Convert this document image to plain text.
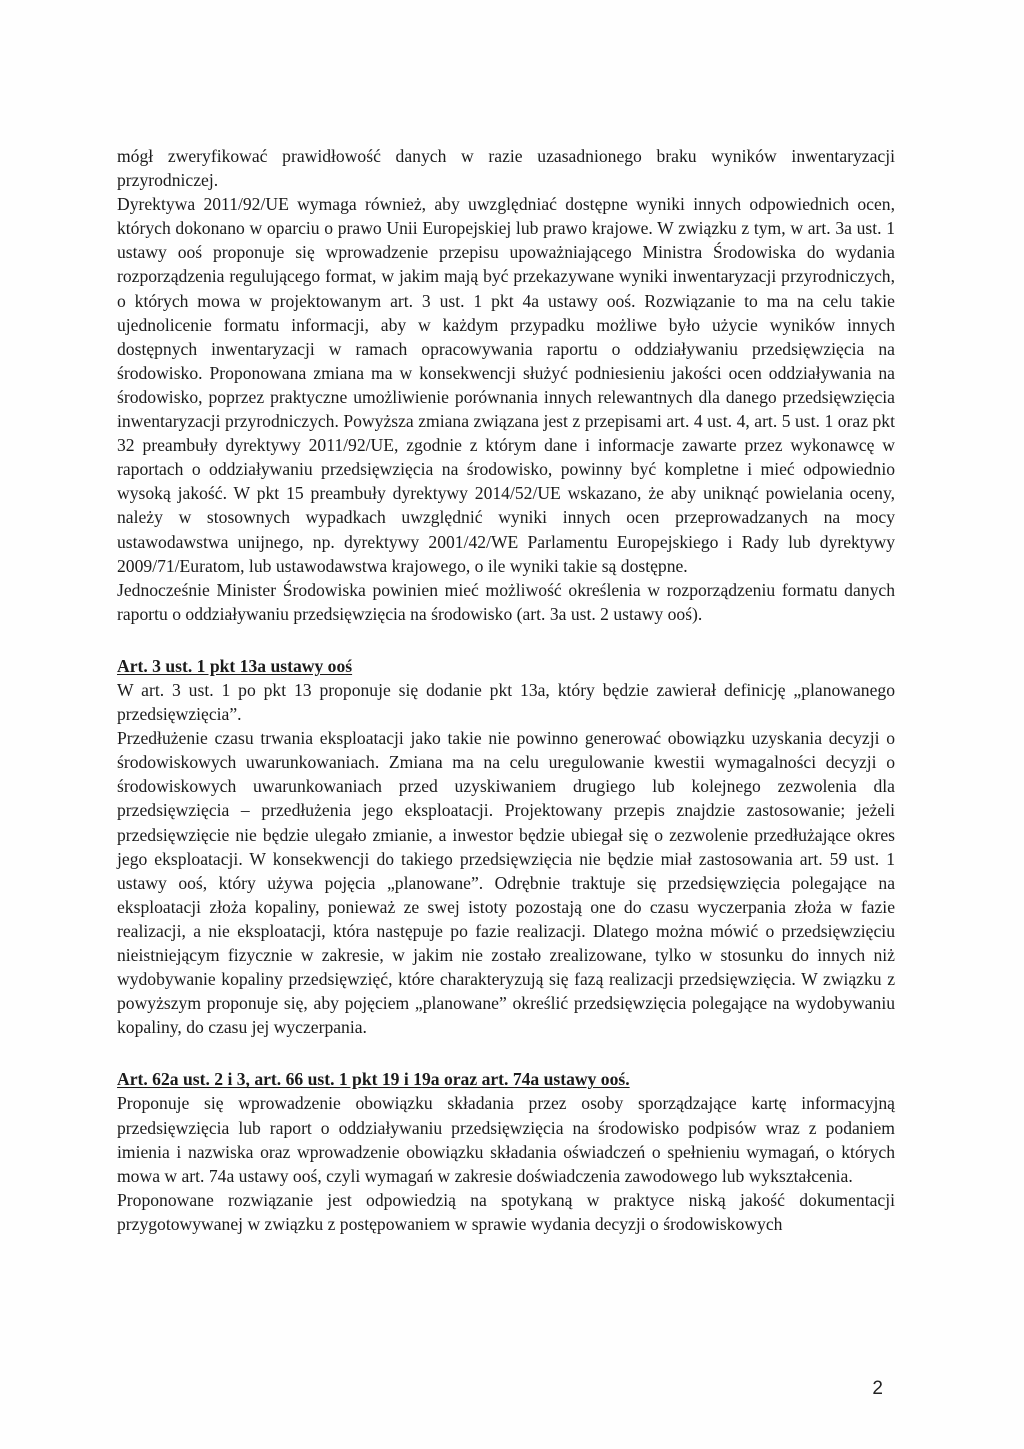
mógł zweryfikować prawidłowość danych w razie uzasadnionego braku wyników inwentaryzacji przyrodniczej.

Dyrektywa 2011/92/UE wymaga również, aby uwzględniać dostępne wyniki innych odpowiednich ocen, których dokonano w oparciu o prawo Unii Europejskiej lub prawo krajowe. W związku z tym, w art. 3a ust. 1 ustawy ooś proponuje się wprowadzenie przepisu upoważniającego Ministra Środowiska do wydania rozporządzenia regulującego format, w jakim mają być przekazywane wyniki inwentaryzacji przyrodniczych, o których mowa w projektowanym art. 3 ust. 1 pkt 4a ustawy ooś. Rozwiązanie to ma na celu takie ujednolicenie formatu informacji, aby w każdym przypadku możliwe było użycie wyników innych dostępnych inwentaryzacji w ramach opracowywania raportu o oddziaływaniu przedsięwzięcia na środowisko. Proponowana zmiana ma w konsekwencji służyć podniesieniu jakości ocen oddziaływania na środowisko, poprzez praktyczne umożliwienie porównania innych relewantnych dla danego przedsięwzięcia inwentaryzacji przyrodniczych. Powyższa zmiana związana jest z przepisami art. 4 ust. 4, art. 5 ust. 1 oraz pkt 32 preambuły dyrektywy 2011/92/UE, zgodnie z którym dane i informacje zawarte przez wykonawcę w raportach o oddziaływaniu przedsięwzięcia na środowisko, powinny być kompletne i mieć odpowiednio wysoką jakość. W pkt 15 preambuły dyrektywy 2014/52/UE wskazano, że aby uniknąć powielania oceny, należy w stosownych wypadkach uwzględnić wyniki innych ocen przeprowadzanych na mocy ustawodawstwa unijnego, np. dyrektywy 2001/42/WE Parlamentu Europejskiego i Rady lub dyrektywy 2009/71/Euratom, lub ustawodawstwa krajowego, o ile wyniki takie są dostępne.

Jednocześnie Minister Środowiska powinien mieć możliwość określenia w rozporządzeniu formatu danych raportu o oddziaływaniu przedsięwzięcia na środowisko (art. 3a ust. 2 ustawy ooś).

Art. 3 ust. 1 pkt 13a ustawy ooś

W art. 3 ust. 1 po pkt 13 proponuje się dodanie pkt 13a, który będzie zawierał definicję „planowanego przedsięwzięcia”.

Przedłużenie czasu trwania eksploatacji jako takie nie powinno generować obowiązku uzyskania decyzji o środowiskowych uwarunkowaniach. Zmiana ma na celu uregulowanie kwestii wymagalności decyzji o środowiskowych uwarunkowaniach przed uzyskiwaniem drugiego lub kolejnego zezwolenia dla przedsięwzięcia – przedłużenia jego eksploatacji. Projektowany przepis znajdzie zastosowanie; jeżeli przedsięwzięcie nie będzie ulegało zmianie, a inwestor będzie ubiegał się o zezwolenie przedłużające okres jego eksploatacji. W konsekwencji do takiego przedsięwzięcia nie będzie miał zastosowania art. 59 ust. 1 ustawy ooś, który używa pojęcia „planowane”. Odrębnie traktuje się przedsięwzięcia polegające na eksploatacji złoża kopaliny, ponieważ ze swej istoty pozostają one do czasu wyczerpania złoża w fazie realizacji, a nie eksploatacji, która następuje po fazie realizacji. Dlatego można mówić o przedsięwzięciu nieistniejącym fizycznie w zakresie, w jakim nie zostało zrealizowane, tylko w stosunku do innych niż wydobywanie kopaliny przedsięwzięć, które charakteryzują się fazą realizacji przedsięwzięcia. W związku z powyższym proponuje się, aby pojęciem „planowane” określić przedsięwzięcia polegające na wydobywaniu kopaliny, do czasu jej wyczerpania.

Art. 62a ust. 2 i 3, art. 66 ust. 1 pkt 19 i 19a oraz art. 74a ustawy ooś.

Proponuje się wprowadzenie obowiązku składania przez osoby sporządzające kartę informacyjną przedsięwzięcia lub raport o oddziaływaniu przedsięwzięcia na środowisko podpisów wraz z podaniem imienia i nazwiska oraz wprowadzenie obowiązku składania oświadczeń o spełnieniu wymagań, o których mowa w art. 74a ustawy ooś, czyli wymagań w zakresie doświadczenia zawodowego lub wykształcenia.

Proponowane rozwiązanie jest odpowiedzią na spotykaną w praktyce niską jakość dokumentacji przygotowywanej w związku z postępowaniem w sprawie wydania decyzji o środowiskowych

2
